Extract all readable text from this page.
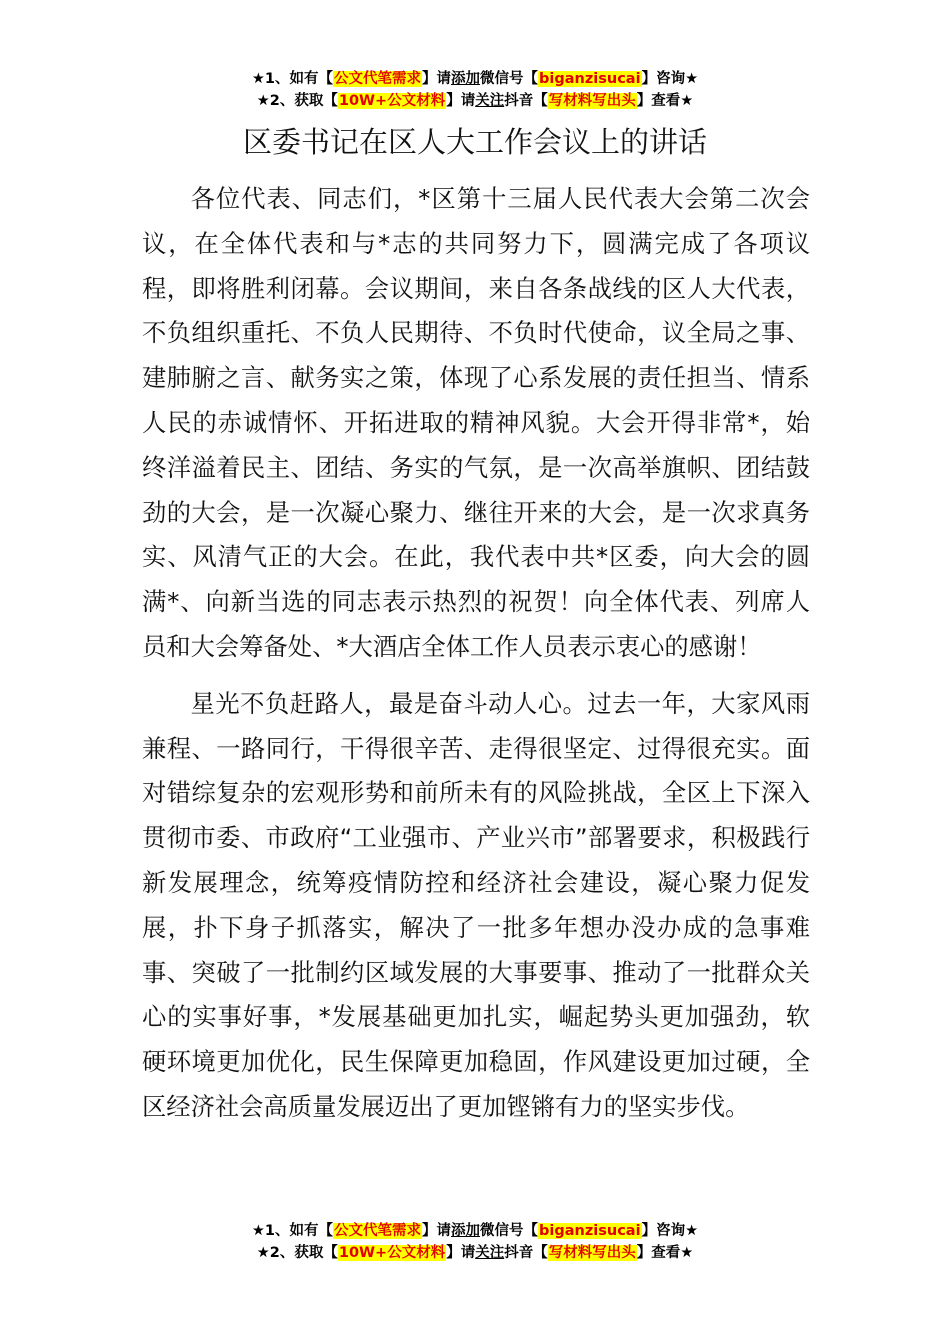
★1、如有【公文代笔需求】请添加微信号【biganzisucai】咨询★
★2、获取【10W+公文材料】请关注抖音【写材料写出头】查看★
区委书记在区人大工作会议上的讲话

各位代表、同志们，*区第十三届人民代表大会第二次会议，在全体代表和与*志的共同努力下，圆满完成了各项议程，即将胜利闭幕。会议期间，来自各条战线的区人大代表，不负组织重托、不负人民期待、不负时代使命，议全局之事、建肺腑之言、献务实之策，体现了心系发展的责任担当、情系人民的赤诚情怀、开拓进取的精神风貌。大会开得非常*，始终洋溢着民主、团结、务实的气氛，是一次高举旗帜、团结鼓劲的大会，是一次凝心聚力、继往开来的大会，是一次求真务实、风清气正的大会。在此，我代表中共*区委，向大会的圆满*、向新当选的同志表示热烈的祝贺！向全体代表、列席人员和大会筹备处、*大酒店全体工作人员表示衷心的感谢！

星光不负赶路人，最是奋斗动人心。过去一年，大家风雨兼程、一路同行，干得很辛苦、走得很坚定、过得很充实。面对错综复杂的宏观形势和前所未有的风险挑战，全区上下深入贯彻市委、市政府“工业强市、产业兴市”部署要求，积极践行新发展理念，统筹疫情防控和经济社会建设，凝心聚力促发展，扑下身子抓落实，解决了一批多年想办没办成的急事难事、突破了一批制约区域发展的大事要事、推动了一批群众关心的实事好事，*发展基础更加扎实，崛起势头更加强劲，软硬环境更加优化，民生保障更加稳固，作风建设更加过硬，全区经济社会高质量发展迈出了更加铿锵有力的坚实步伐。

★1、如有【公文代笔需求】请添加微信号【biganzisucai】咨询★
★2、获取【10W+公文材料】请关注抖音【写材料写出头】查看★
